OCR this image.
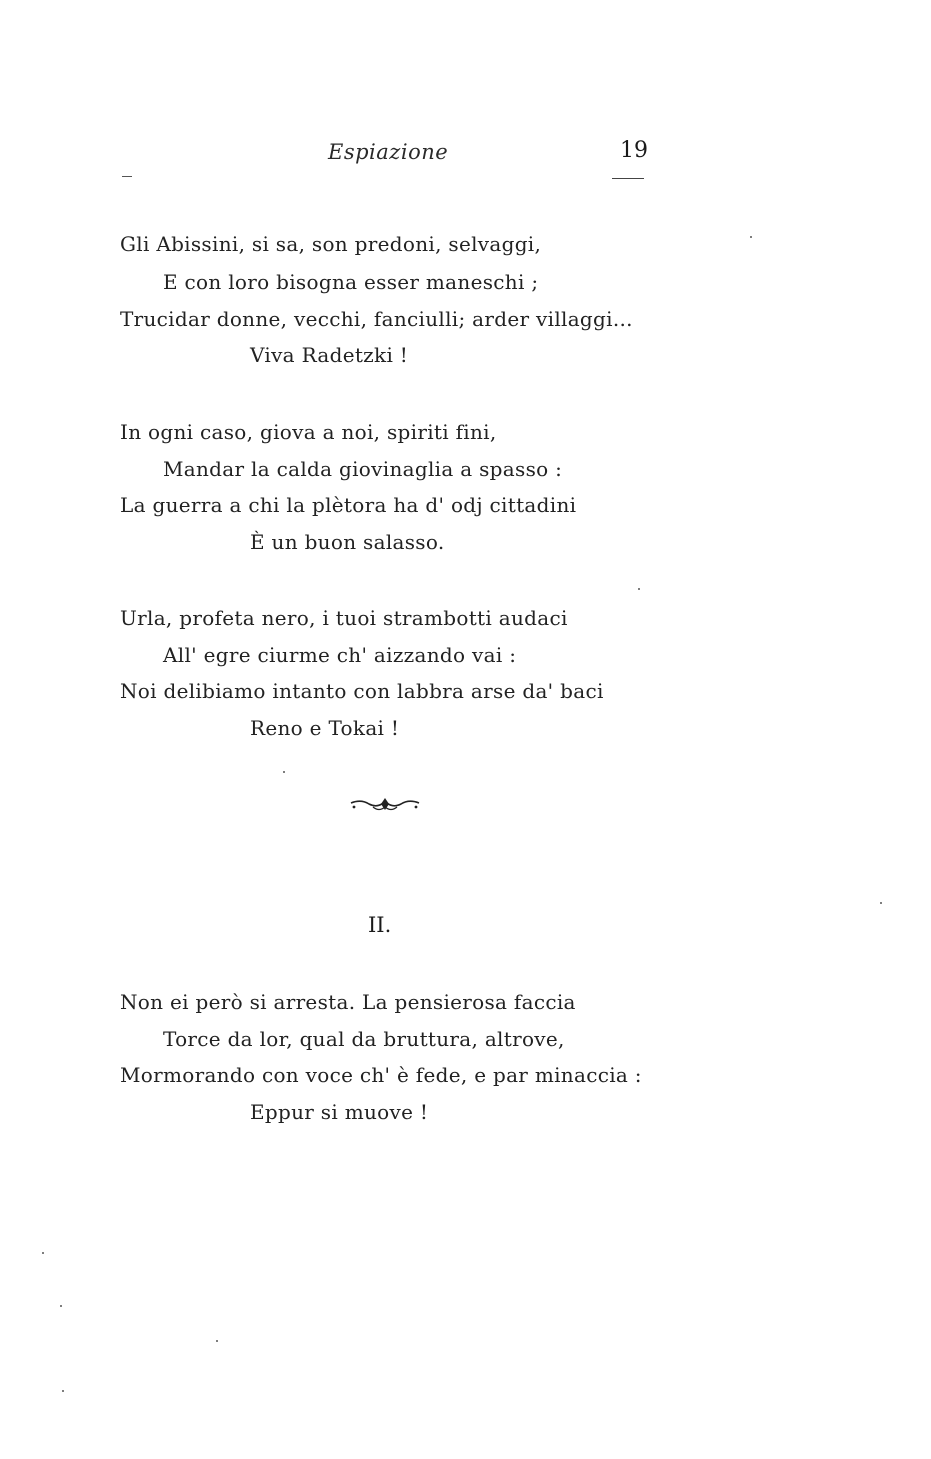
Espiazione	19
Gli Abissini, si sa, son predoni, selvaggi,
E con loro bisogna esser maneschi ;
Trucidar donne, vecchi, fanciulli; arder villaggi...
Viva Radetzki !
In ogni caso, giova a noi, spiriti fini,
Mandar la calda giovinaglia a spasso :
La guerra a chi la plètora ha d' odj cittadini
È un buon salasso.
Urla, profeta nero, i tuoi strambotti audaci
All' egre ciurme ch' aizzando vai :
Noi delibiamo intanto con labbra arse da' baci
Reno e Tokai !
II.
Non ei però si arresta. La pensierosa faccia
Torce da lor, qual da bruttura, altrove,
Mormorando con voce ch' è fede, e par minaccia :
Eppur si muove !
